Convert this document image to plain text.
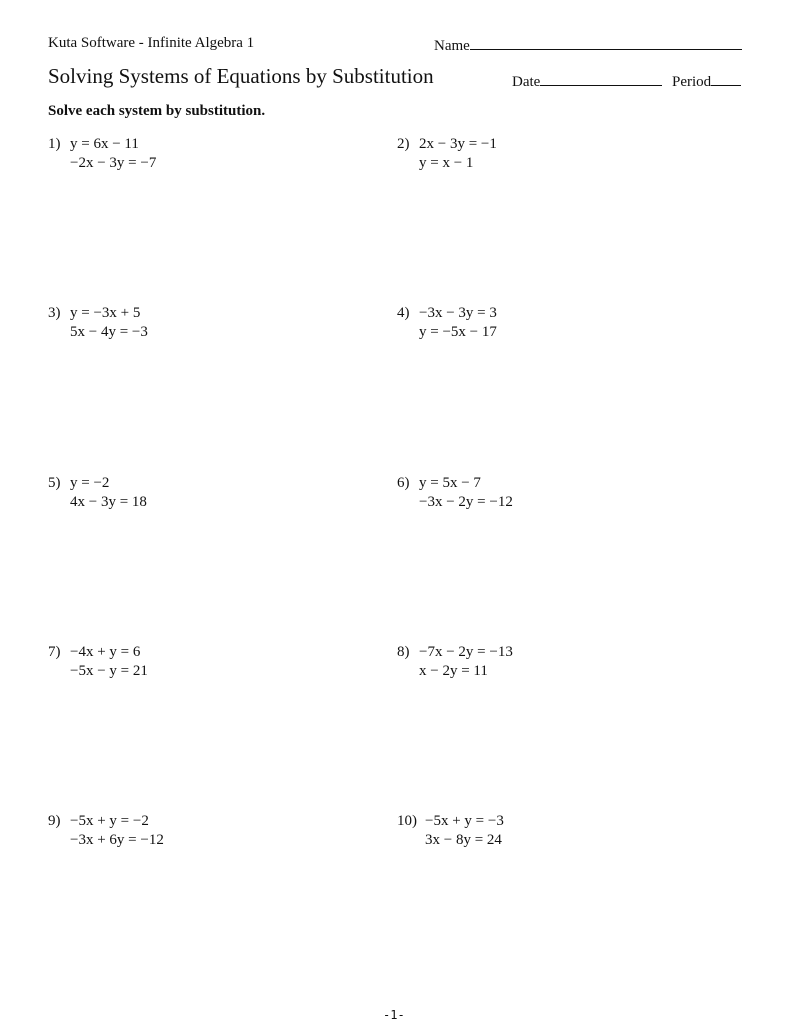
Kuta Software - Infinite Algebra 1	Name
Solving Systems of Equations by Substitution	Date	Period
Solve each system by substitution.
1) y = 6x − 11
−2x − 3y = −7
3) y = −3x + 5
5x − 4y = −3
5) y = −2
4x − 3y = 18
7) −4x + y = 6
−5x − y = 21
9) −5x + y = −2
−3x + 6y = −12
2) 2x − 3y = −1
y = x − 1
4) −3x − 3y = 3
y = −5x − 17
6) y = 5x − 7
−3x − 2y = −12
8) −7x − 2y = −13
x − 2y = 11
10) −5x + y = −3
3x − 8y = 24
-1-
